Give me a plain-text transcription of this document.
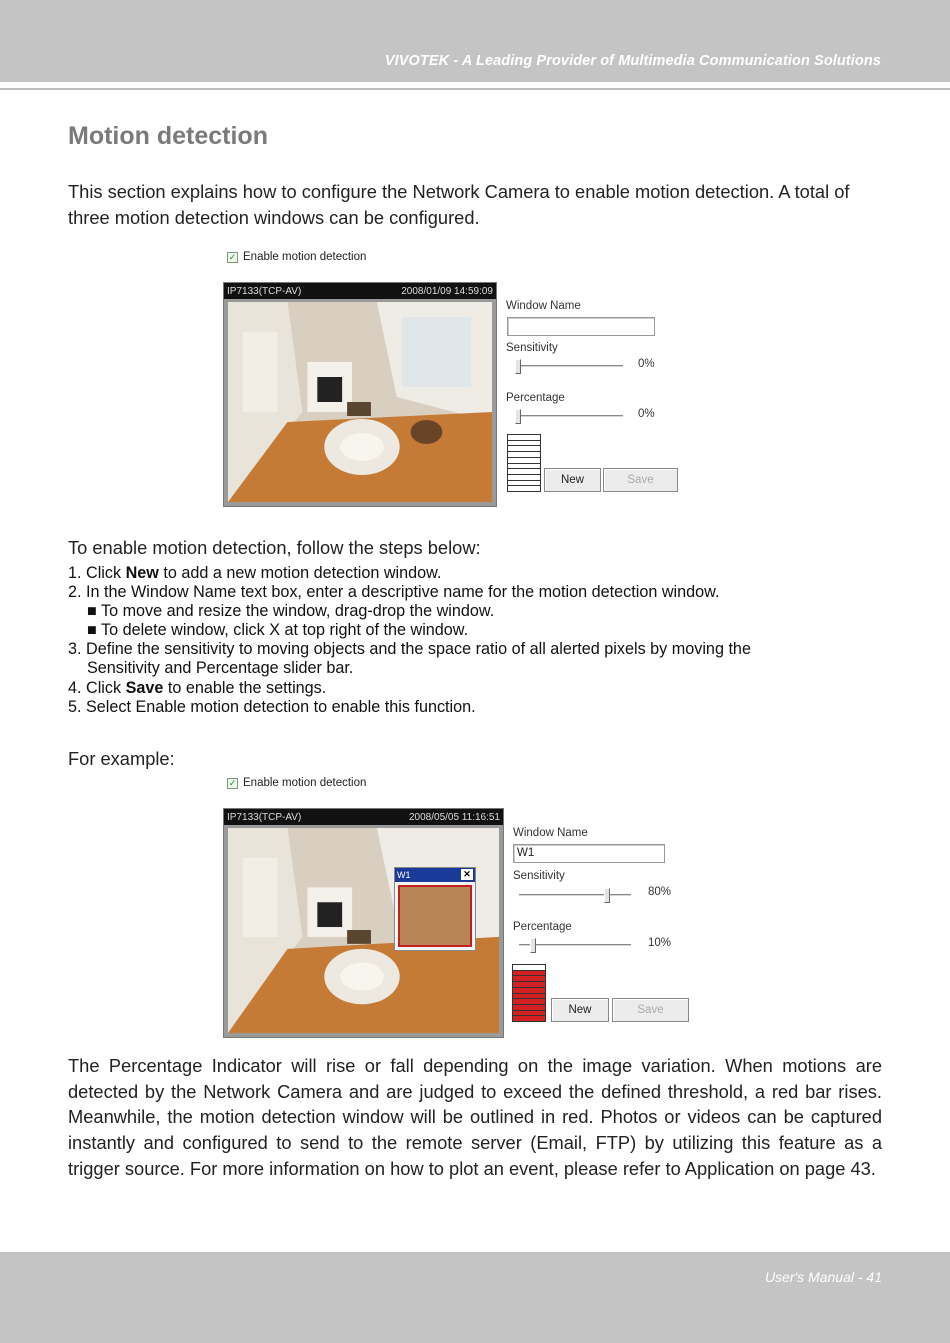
VIVOTEK - A Leading Provider of Multimedia Communication Solutions
Motion detection
This section explains how to configure the Network Camera to enable motion detection. A total of three motion detection windows can be configured.
✓ Enable motion detection
IP7133(TCP-AV)	2008/01/09 14:59:09
Window Name
Sensitivity
0%
Percentage
0%
New	Save
To enable motion detection, follow the steps below:
1. Click New to add a new motion detection window.
2. In the Window Name text box, enter a descriptive name for the motion detection window.
■ To move and resize the window, drag-drop the window.
■ To delete window, click X at top right of the window.
3. Define the sensitivity to moving objects and the space ratio of all alerted pixels by moving the
Sensitivity and Percentage slider bar.
4. Click Save to enable the settings.
5. Select Enable motion detection to enable this function.
For example:
✓ Enable motion detection
IP7133(TCP-AV)	2008/05/05 11:16:51
W1	✕
Window Name
W1
Sensitivity
80%
Percentage
10%
New	Save
The Percentage Indicator will rise or fall depending on the image variation. When motions are detected by the Network Camera and are judged to exceed the defined threshold, a red bar rises. Meanwhile, the motion detection window will be outlined in red. Photos or videos can be captured instantly and configured to send to the remote server (Email, FTP) by utilizing this feature as a trigger source. For more information on how to plot an event, please refer to Application on page 43.
User's Manual - 41
